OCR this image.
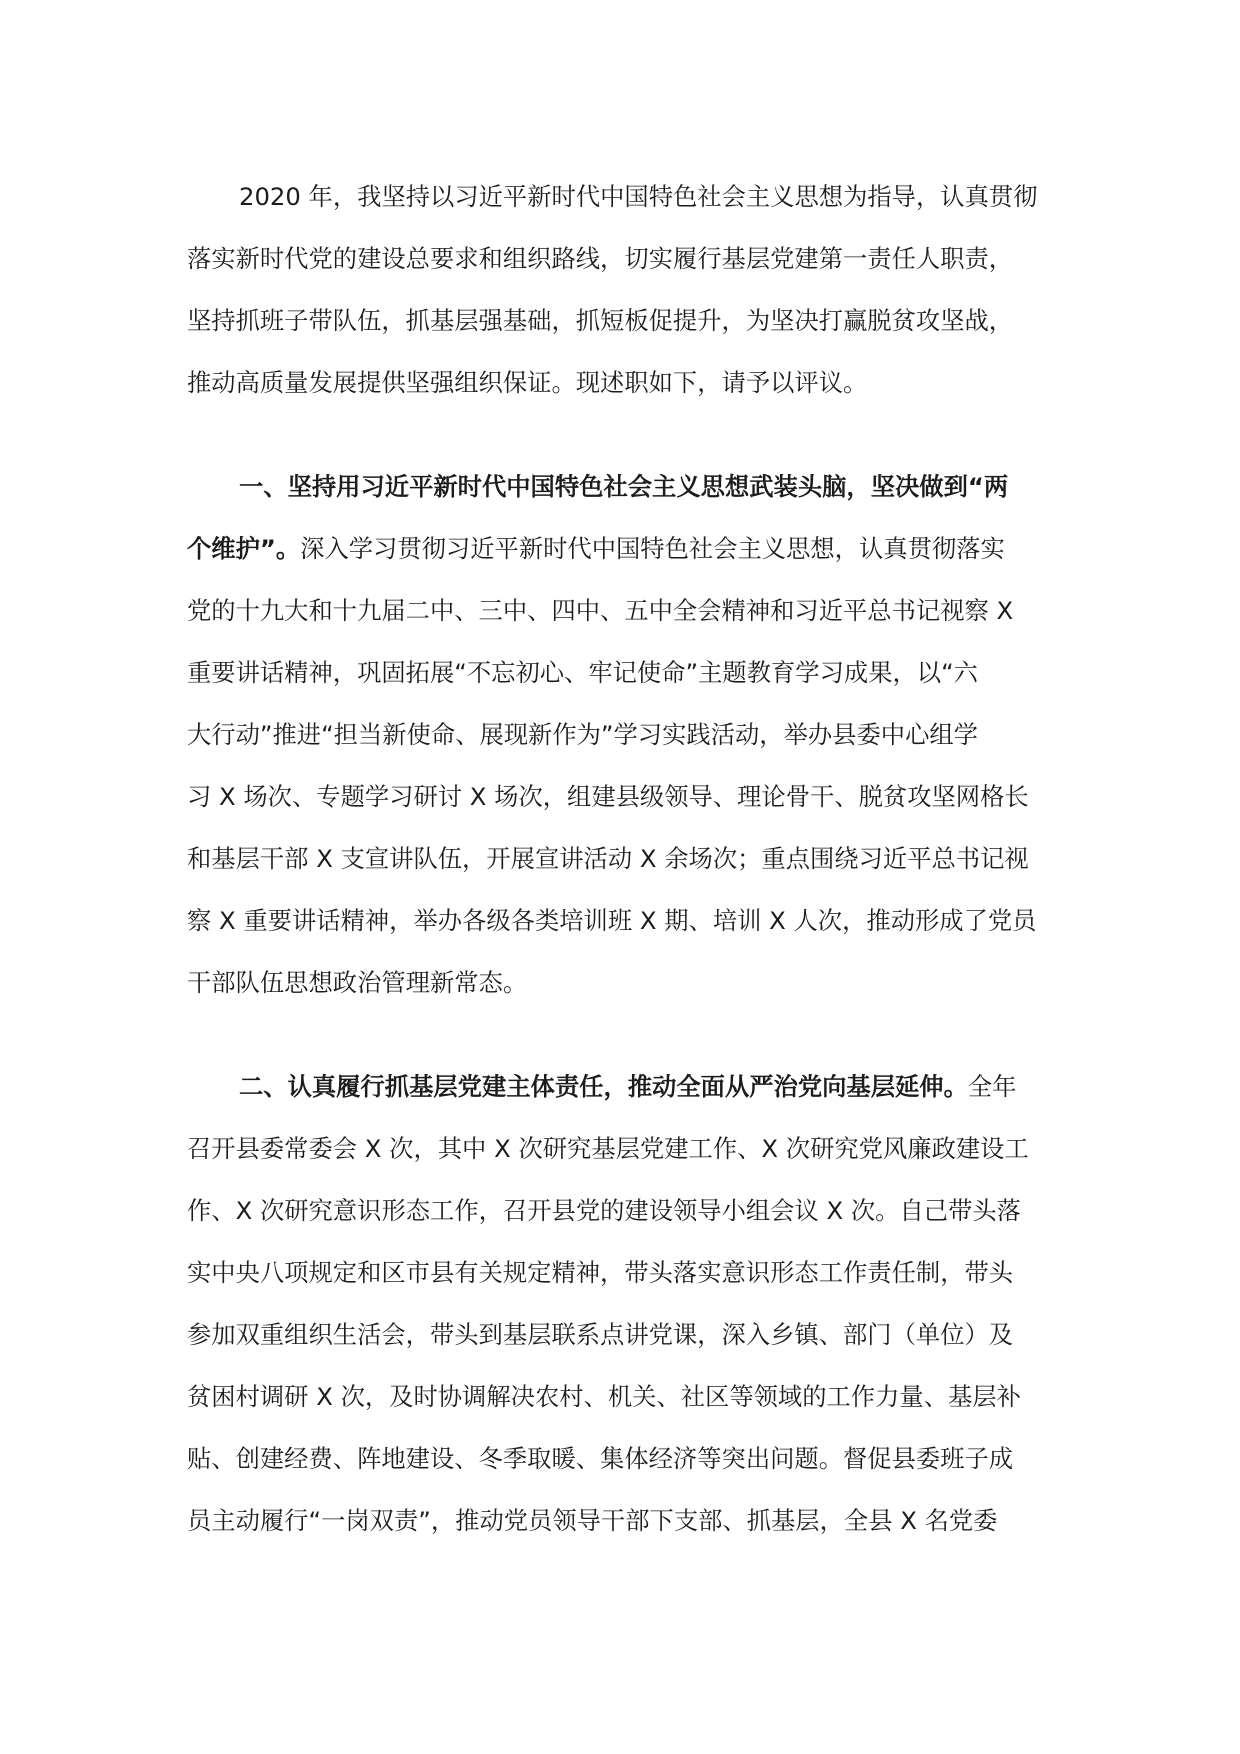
2020 年，我坚持以习近平新时代中国特色社会主义思想为指导，认真贯彻
落实新时代党的建设总要求和组织路线，切实履行基层党建第一责任人职责，
坚持抓班子带队伍，抓基层强基础，抓短板促提升，为坚决打赢脱贫攻坚战，
推动高质量发展提供坚强组织保证。现述职如下，请予以评议。
一、坚持用习近平新时代中国特色社会主义思想武装头脑，坚决做到“两
个维护”。深入学习贯彻习近平新时代中国特色社会主义思想，认真贯彻落实
党的十九大和十九届二中、三中、四中、五中全会精神和习近平总书记视察 X
重要讲话精神，巩固拓展“不忘初心、牢记使命”主题教育学习成果，以“六
大行动”推进“担当新使命、展现新作为”学习实践活动，举办县委中心组学
习 X 场次、专题学习研讨 X 场次，组建县级领导、理论骨干、脱贫攻坚网格长
和基层干部 X 支宣讲队伍，开展宣讲活动 X 余场次；重点围绕习近平总书记视
察 X 重要讲话精神，举办各级各类培训班 X 期、培训 X 人次，推动形成了党员
干部队伍思想政治管理新常态。
二、认真履行抓基层党建主体责任，推动全面从严治党向基层延伸。全年
召开县委常委会 X 次，其中 X 次研究基层党建工作、X 次研究党风廉政建设工
作、X 次研究意识形态工作，召开县党的建设领导小组会议 X 次。自己带头落
实中央八项规定和区市县有关规定精神，带头落实意识形态工作责任制，带头
参加双重组织生活会，带头到基层联系点讲党课，深入乡镇、部门（单位）及
贫困村调研 X 次，及时协调解决农村、机关、社区等领域的工作力量、基层补
贴、创建经费、阵地建设、冬季取暖、集体经济等突出问题。督促县委班子成
员主动履行“一岗双责”，推动党员领导干部下支部、抓基层，全县 X 名党委
